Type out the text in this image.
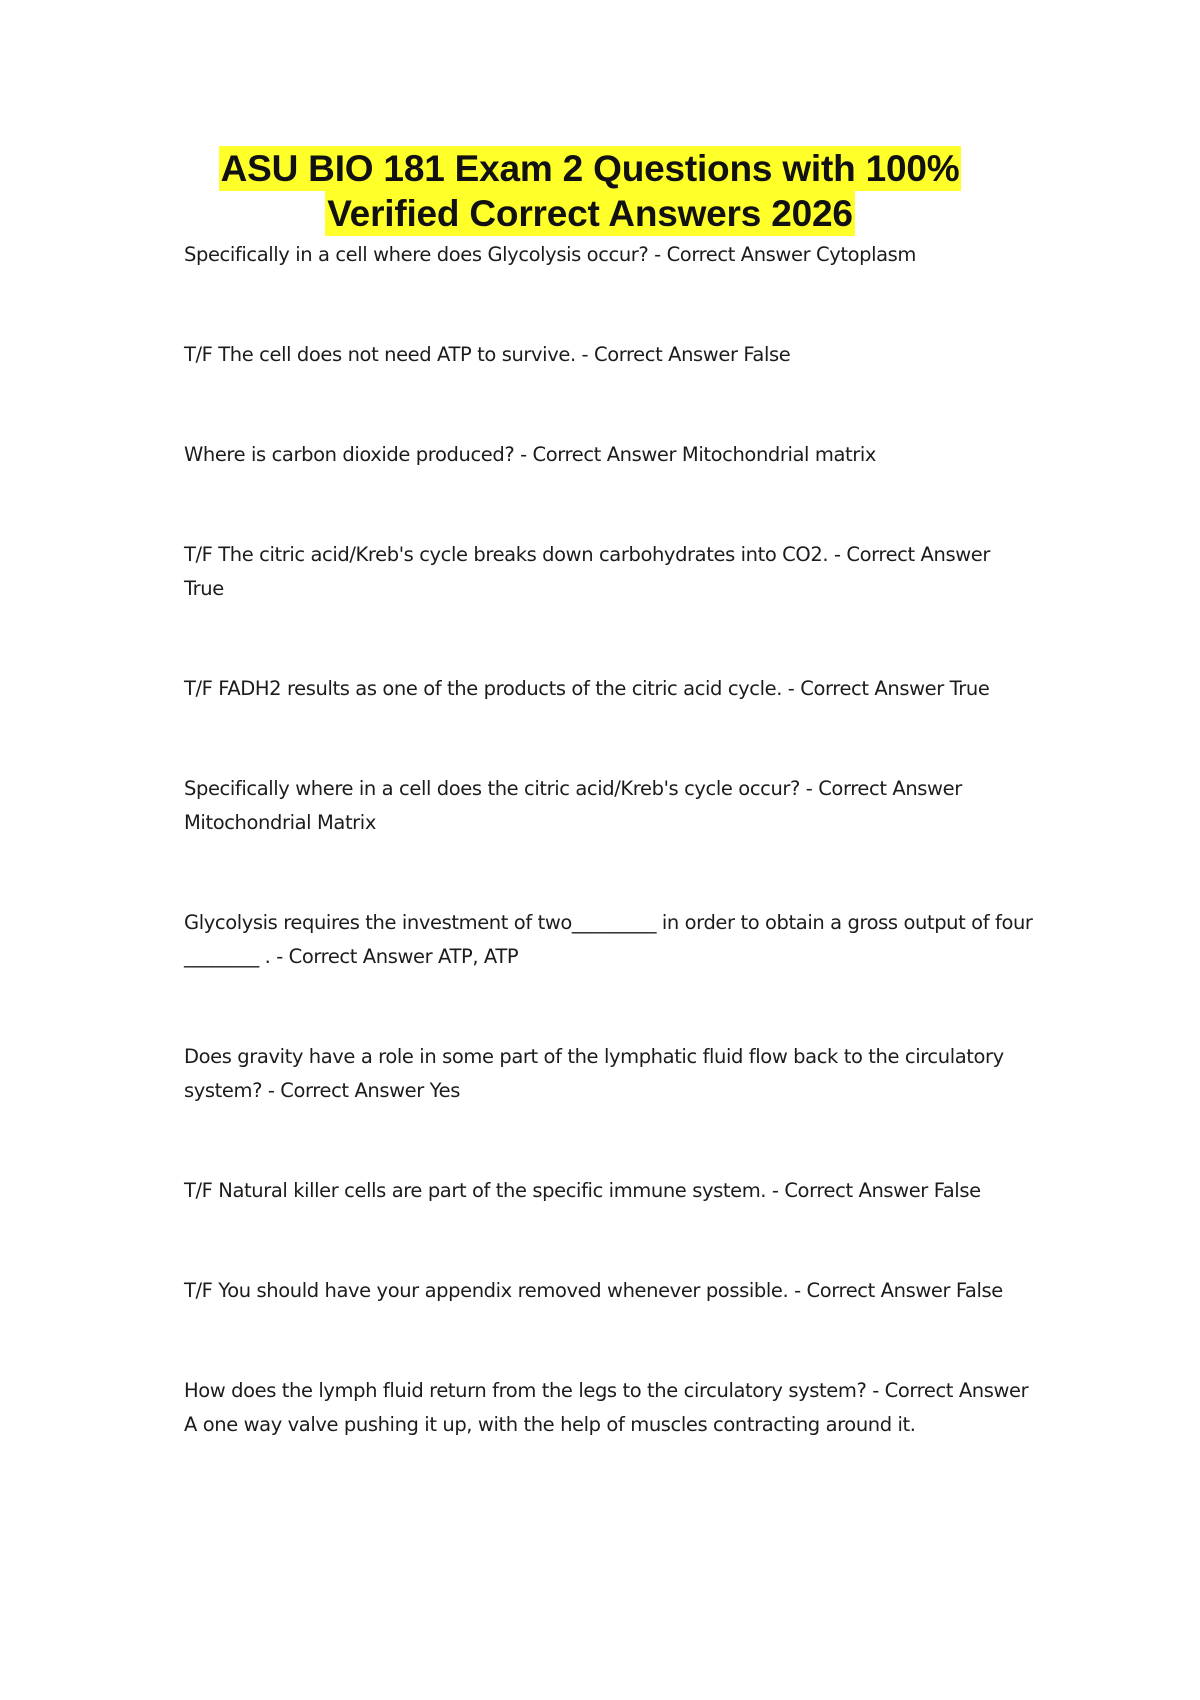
ASU BIO 181 Exam 2 Questions with 100%
Verified Correct Answers 2026

Specifically in a cell where does Glycolysis occur? - Correct Answer Cytoplasm

T/F The cell does not need ATP to survive. - Correct Answer False

Where is carbon dioxide produced? - Correct Answer Mitochondrial matrix

T/F The citric acid/Kreb's cycle breaks down carbohydrates into CO2. - Correct Answer True

T/F FADH2 results as one of the products of the citric acid cycle. - Correct Answer True

Specifically where in a cell does the citric acid/Kreb's cycle occur? - Correct Answer Mitochondrial Matrix

Glycolysis requires the investment of two_________ in order to obtain a gross output of four ________ . - Correct Answer ATP, ATP

Does gravity have a role in some part of the lymphatic fluid flow back to the circulatory system? - Correct Answer Yes

T/F Natural killer cells are part of the specific immune system. - Correct Answer False

T/F You should have your appendix removed whenever possible. - Correct Answer False

How does the lymph fluid return from the legs to the circulatory system? - Correct Answer A one way valve pushing it up, with the help of muscles contracting around it.
